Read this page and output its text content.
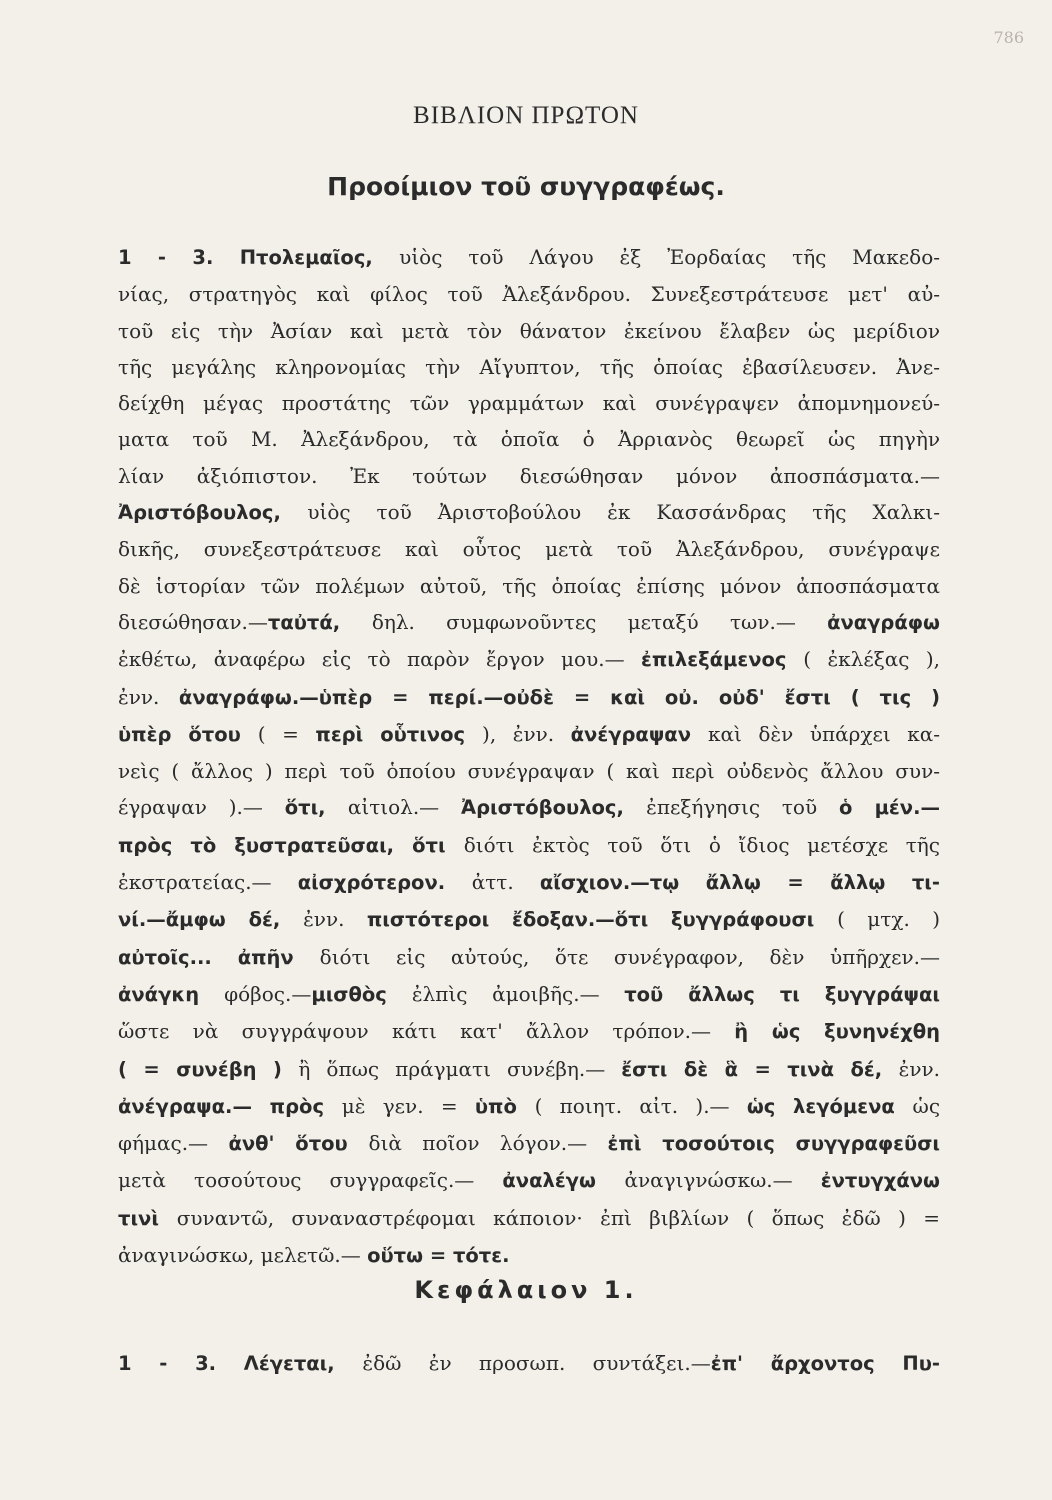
786
ΒΙΒΛΙΟΝ ΠΡΩΤΟΝ
Προοίμιον τοῦ συγγραφέως.
1 - 3. Πτολεμαῖος, υἱὸς τοῦ Λάγου ἐξ Ἐορδαίας τῆς Μακεδο-
νίας, στρατηγὸς καὶ φίλος τοῦ Ἀλεξάνδρου. Συνεξεστράτευσε μετ' αὐ-
τοῦ εἰς τὴν Ἀσίαν καὶ μετὰ τὸν θάνατον ἐκείνου ἔλαβεν ὡς μερίδιον
τῆς μεγάλης κληρονομίας τὴν Αἴγυπτον, τῆς ὁποίας ἐβασίλευσεν. Ἀνε-
δείχθη μέγας προστάτης τῶν γραμμάτων καὶ συνέγραψεν ἀπομνημονεύ-
ματα τοῦ Μ. Ἀλεξάνδρου, τὰ ὁποῖα ὁ Ἀρριανὸς θεωρεῖ ὡς πηγὴν
λίαν ἀξιόπιστον. Ἐκ τούτων διεσώθησαν μόνον ἀποσπάσματα.—
Ἀριστόβουλος, υἱὸς τοῦ Ἀριστοβούλου ἐκ Κασσάνδρας τῆς Χαλκι-
δικῆς, συνεξεστράτευσε καὶ οὗτος μετὰ τοῦ Ἀλεξάνδρου, συνέγραψε
δὲ ἱστορίαν τῶν πολέμων αὐτοῦ, τῆς ὁποίας ἐπίσης μόνον ἀποσπάσματα
διεσώθησαν.—ταὐτά, δηλ. συμφωνοῦντες μεταξύ των.— ἀναγράφω
ἐκθέτω, ἀναφέρω εἰς τὸ παρὸν ἔργον μου.— ἐπιλεξάμενος ( ἐκλέξας ),
ἐνν. ἀναγράφω.—ὑπὲρ = περί.—οὐδὲ = καὶ οὐ. οὐδ' ἔστι ( τις )
ὑπὲρ ὅτου ( = περὶ οὗτινος ), ἐνν. ἀνέγραψαν καὶ δὲν ὑπάρχει κα-
νεὶς ( ἄλλος ) περὶ τοῦ ὁποίου συνέγραψαν ( καὶ περὶ οὐδενὸς ἄλλου συν-
έγραψαν ).— ὅτι, αἰτιολ.— Ἀριστόβουλος, ἐπεξήγησις τοῦ ὁ μέν.—
πρὸς τὸ ξυστρατεῦσαι, ὅτι διότι ἐκτὸς τοῦ ὅτι ὁ ἴδιος μετέσχε τῆς
ἐκστρατείας.— αἰσχρότερον. ἀττ. αἴσχιον.—τῳ ἄλλῳ = ἄλλῳ τι-
νί.—ἄμφω δέ, ἐνν. πιστότεροι ἔδοξαν.—ὅτι ξυγγράφουσι ( μτχ. )
αὐτοῖς... ἀπῆν διότι εἰς αὐτούς, ὅτε συνέγραφον, δὲν ὑπῆρχεν.—
ἀνάγκη φόβος.—μισθὸς ἐλπὶς ἀμοιβῆς.— τοῦ ἄλλως τι ξυγγράψαι
ὥστε νὰ συγγράψουν κάτι κατ' ἄλλον τρόπον.— ἢ ὡς ξυνηνέχθη
( = συνέβη ) ἢ ὅπως πράγματι συνέβη.— ἔστι δὲ ἃ = τινὰ δέ, ἐνν.
ἀνέγραψα.— πρὸς μὲ γεν. = ὑπὸ ( ποιητ. αἰτ. ).— ὡς λεγόμενα ὡς
φήμας.— ἀνθ' ὅτου διὰ ποῖον λόγον.— ἐπὶ τοσούτοις συγγραφεῦσι
μετὰ τοσούτους συγγραφεῖς.— ἀναλέγω ἀναγιγνώσκω.— ἐντυγχάνω
τινὶ συναντῶ, συναναστρέφομαι κάποιον· ἐπὶ βιβλίων ( ὅπως ἐδῶ ) =
ἀναγινώσκω, μελετῶ.— οὕτω = τότε.
Κεφάλαιον 1.
1 - 3. Λέγεται, ἐδῶ ἐν προσωπ. συντάξει.—ἐπ' ἄρχοντος Πυ-
